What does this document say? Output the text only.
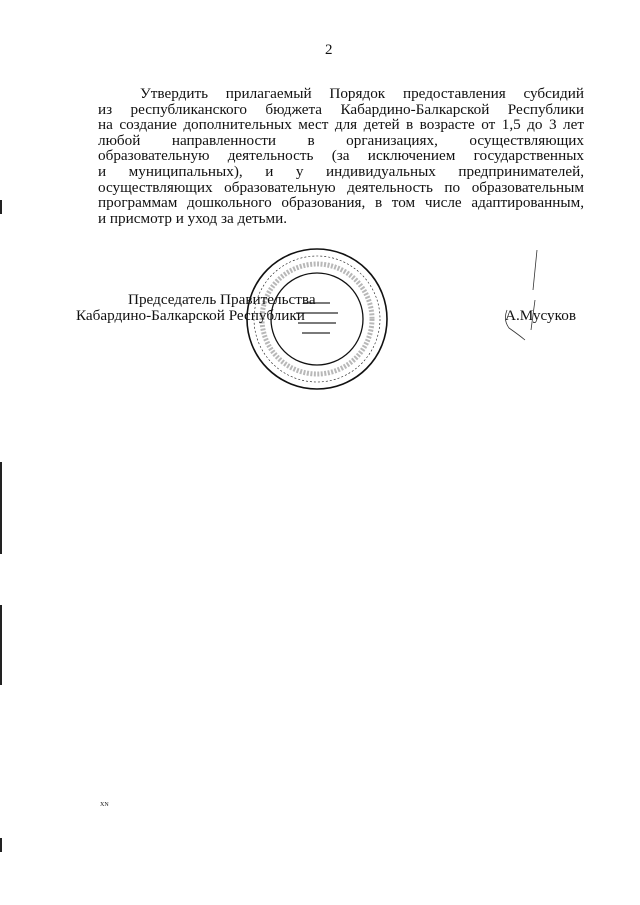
2
Утвердить прилагаемый Порядок предоставления субсидий
из республиканского бюджета Кабардино-Балкарской Республики
на создание дополнительных мест для детей в возрасте от 1,5 до 3 лет
любой направленности в организациях, осуществляющих
образовательную деятельность (за исключением государственных
и муниципальных), и у индивидуальных предпринимателей,
осуществляющих образовательную деятельность по образовательным
программам дошкольного образования, в том числе адаптированным,
и присмотр и уход за детьми.
Председатель Правительства
Кабардино-Балкарской Республики	А.Мусуков
XN
